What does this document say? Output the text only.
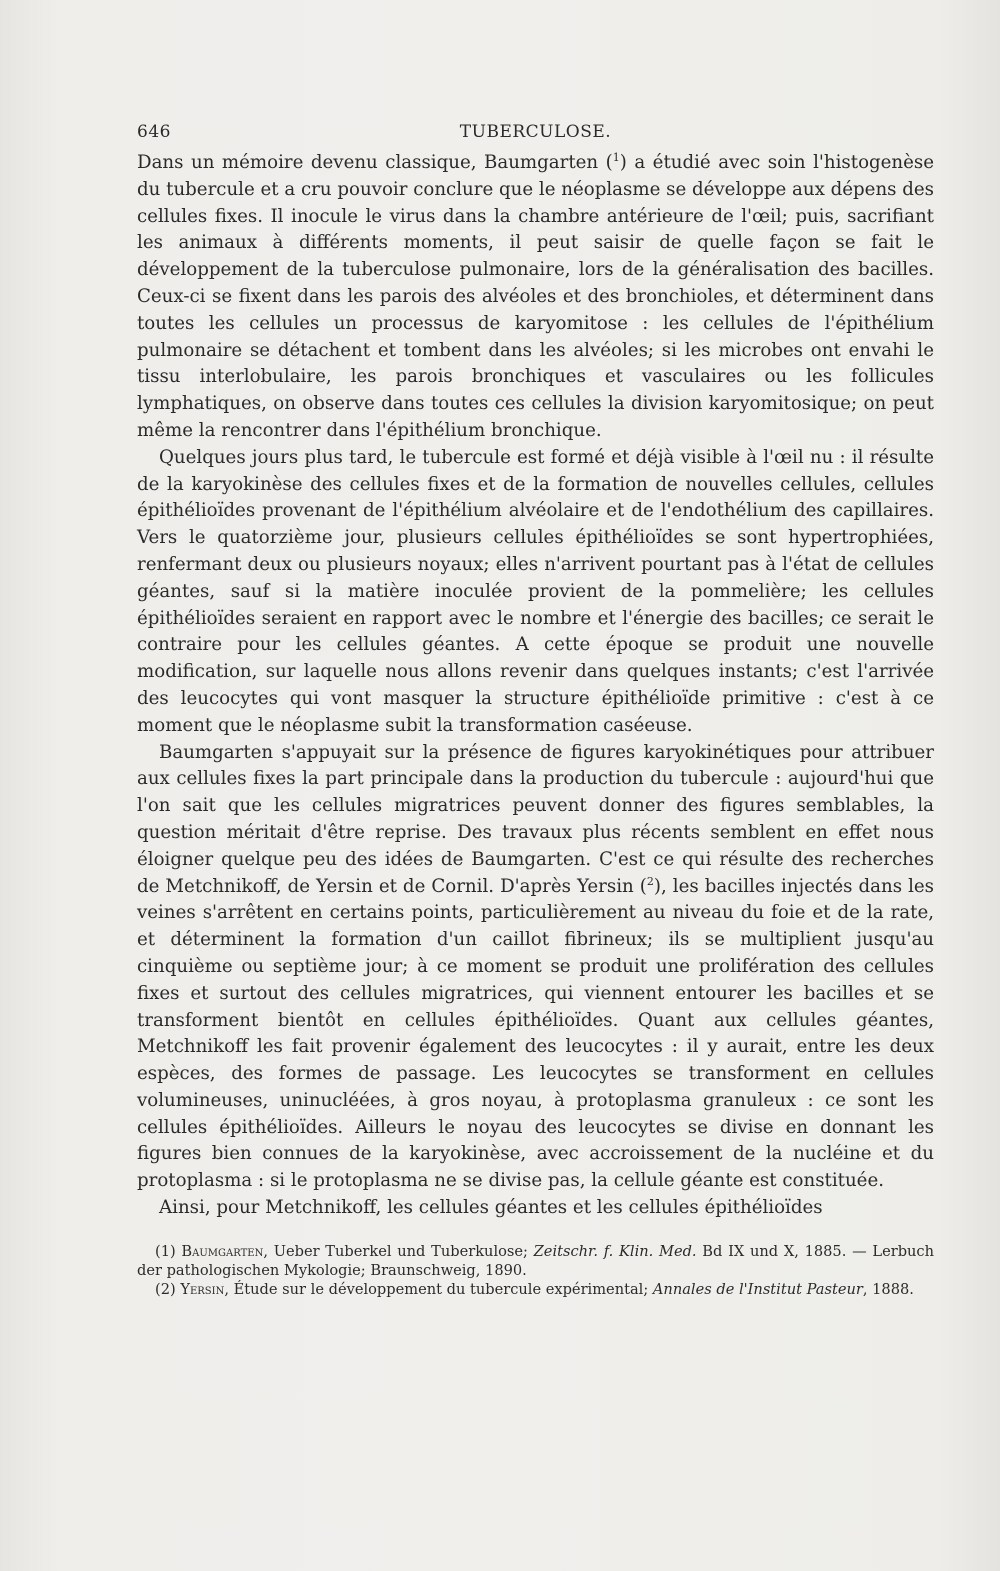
646	TUBERCULOSE.

Dans un mémoire devenu classique, Baumgarten ($^1$) a étudié avec soin l'histogenèse du tubercule et a cru pouvoir conclure que le néoplasme se développe aux dépens des cellules fixes. Il inocule le virus dans la chambre antérieure de l'œil; puis, sacrifiant les animaux à différents moments, il peut saisir de quelle façon se fait le développement de la tuberculose pulmonaire, lors de la généralisation des bacilles. Ceux-ci se fixent dans les parois des alvéoles et des bronchioles, et déterminent dans toutes les cellules un processus de karyomitose : les cellules de l'épithélium pulmonaire se détachent et tombent dans les alvéoles; si les microbes ont envahi le tissu interlobulaire, les parois bronchiques et vasculaires ou les follicules lymphatiques, on observe dans toutes ces cellules la division karyomitosique; on peut même la rencontrer dans l'épithélium bronchique.

Quelques jours plus tard, le tubercule est formé et déjà visible à l'œil nu : il résulte de la karyokinèse des cellules fixes et de la formation de nouvelles cellules, cellules épithélioïdes provenant de l'épithélium alvéolaire et de l'endothélium des capillaires. Vers le quatorzième jour, plusieurs cellules épithélioïdes se sont hypertrophiées, renfermant deux ou plusieurs noyaux; elles n'arrivent pourtant pas à l'état de cellules géantes, sauf si la matière inoculée provient de la pommelière; les cellules épithélioïdes seraient en rapport avec le nombre et l'énergie des bacilles; ce serait le contraire pour les cellules géantes. A cette époque se produit une nouvelle modification, sur laquelle nous allons revenir dans quelques instants; c'est l'arrivée des leucocytes qui vont masquer la structure épithélioïde primitive : c'est à ce moment que le néoplasme subit la transformation caséeuse.

Baumgarten s'appuyait sur la présence de figures karyokinétiques pour attribuer aux cellules fixes la part principale dans la production du tubercule : aujourd'hui que l'on sait que les cellules migratrices peuvent donner des figures semblables, la question méritait d'être reprise. Des travaux plus récents semblent en effet nous éloigner quelque peu des idées de Baumgarten. C'est ce qui résulte des recherches de Metchnikoff, de Yersin et de Cornil. D'après Yersin ($^2$), les bacilles injectés dans les veines s'arrêtent en certains points, particulièrement au niveau du foie et de la rate, et déterminent la formation d'un caillot fibrineux; ils se multiplient jusqu'au cinquième ou septième jour; à ce moment se produit une prolifération des cellules fixes et surtout des cellules migratrices, qui viennent entourer les bacilles et se transforment bientôt en cellules épithélioïdes. Quant aux cellules géantes, Metchnikoff les fait provenir également des leucocytes : il y aurait, entre les deux espèces, des formes de passage. Les leucocytes se transforment en cellules volumineuses, uninucléées, à gros noyau, à protoplasma granuleux : ce sont les cellules épithélioïdes. Ailleurs le noyau des leucocytes se divise en donnant les figures bien connues de la karyokinèse, avec accroissement de la nucléine et du protoplasma : si le protoplasma ne se divise pas, la cellule géante est constituée.

Ainsi, pour Metchnikoff, les cellules géantes et les cellules épithélioïdes

(1) Baumgarten, Ueber Tuberkel und Tuberkulose; Zeitschr. f. Klin. Med. Bd IX und X, 1885. — Lerbuch der pathologischen Mykologie; Braunschweig, 1890.

(2) Yersin, Étude sur le développement du tubercule expérimental; Annales de l'Institut Pasteur, 1888.
